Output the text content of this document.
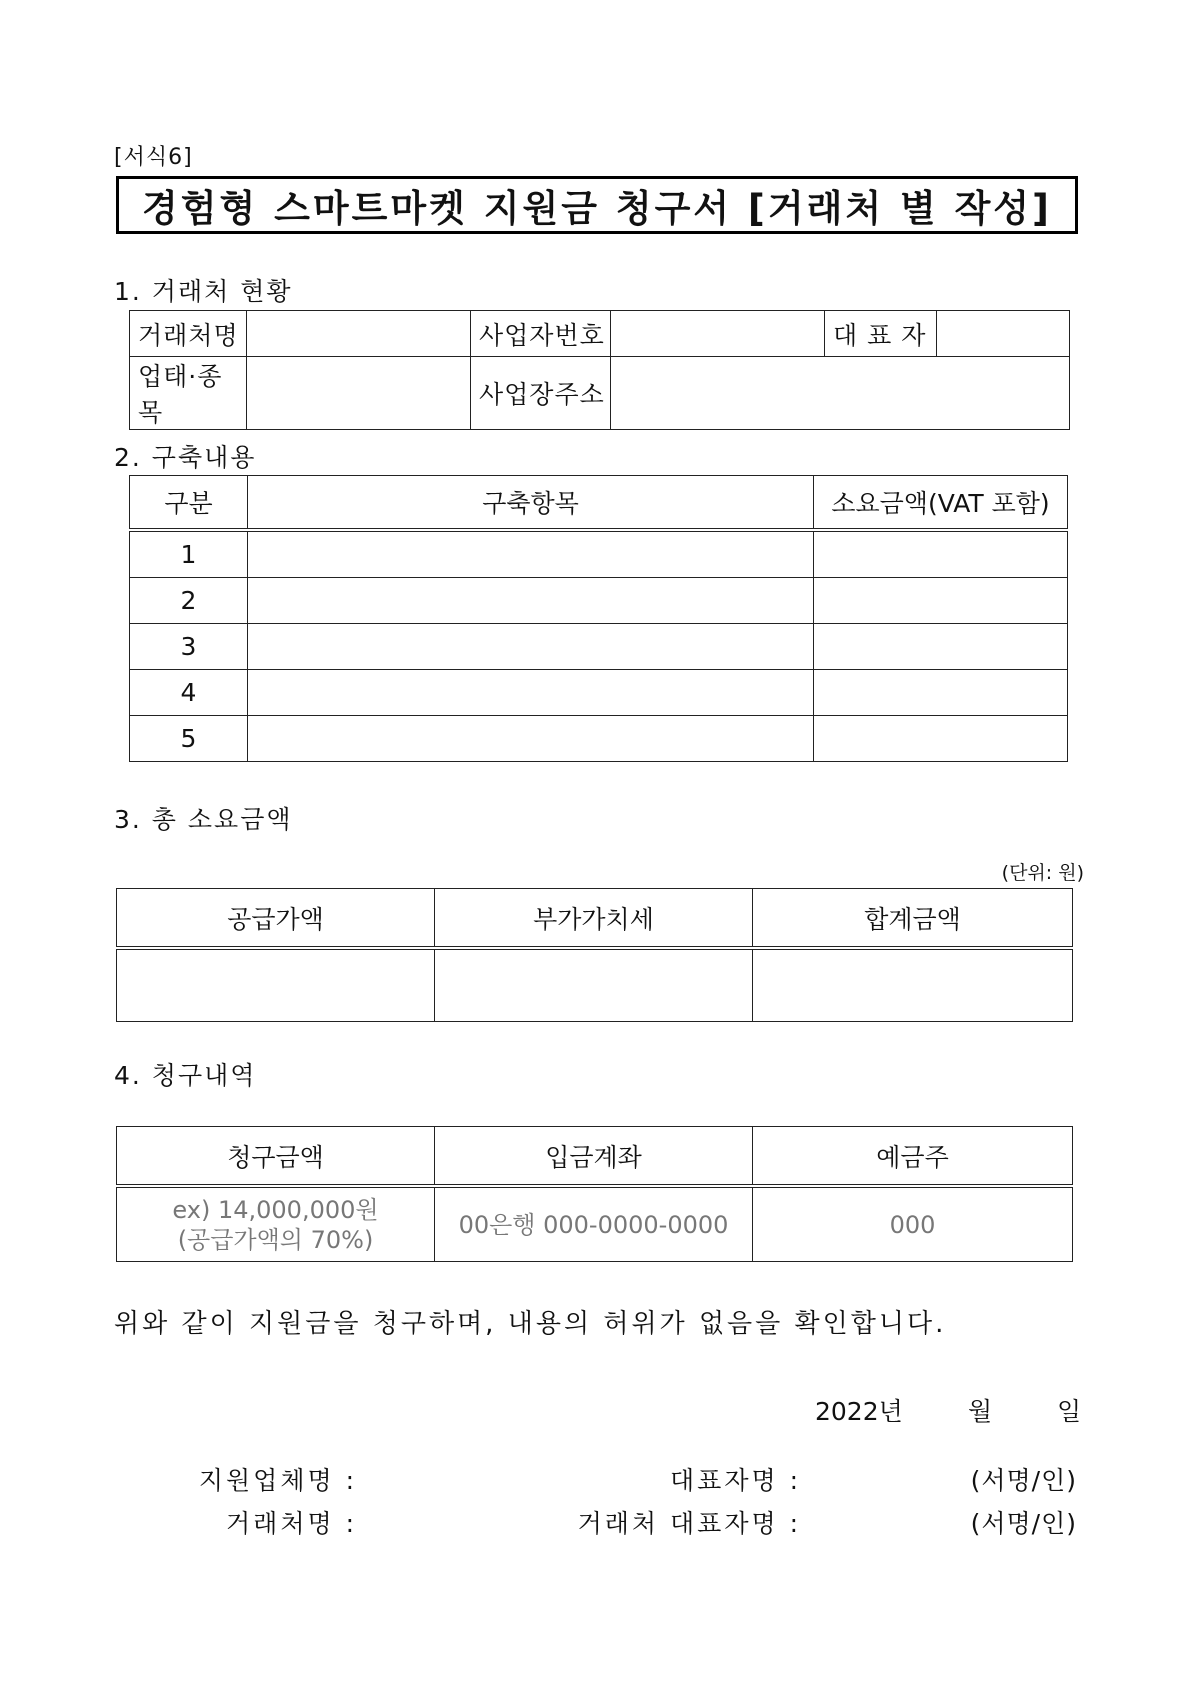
[서식6]
경험형 스마트마켓 지원금 청구서 [거래처 별 작성]
1. 거래처 현황
거래처명		사업자번호		대 표 자	
업태·종목		사업장주소			
2. 구축내용
구분	구축항목	소요금액(VAT 포함)
1		
2		
3		
4		
5		
3. 총 소요금액
(단위: 원)
공급가액	부가가치세	합계금액

4. 청구내역
청구금액	입금계좌	예금주

ex) 14,000,000원
(공급가액의 70%)	00은행 000-0000-0000	000
위와 같이 지원금을 청구하며, 내용의 허위가 없음을 확인합니다.
2022년	월	일
지원업체명 :	대표자명 :	(서명/인)
거래처명 :	거래처 대표자명 :	(서명/인)
